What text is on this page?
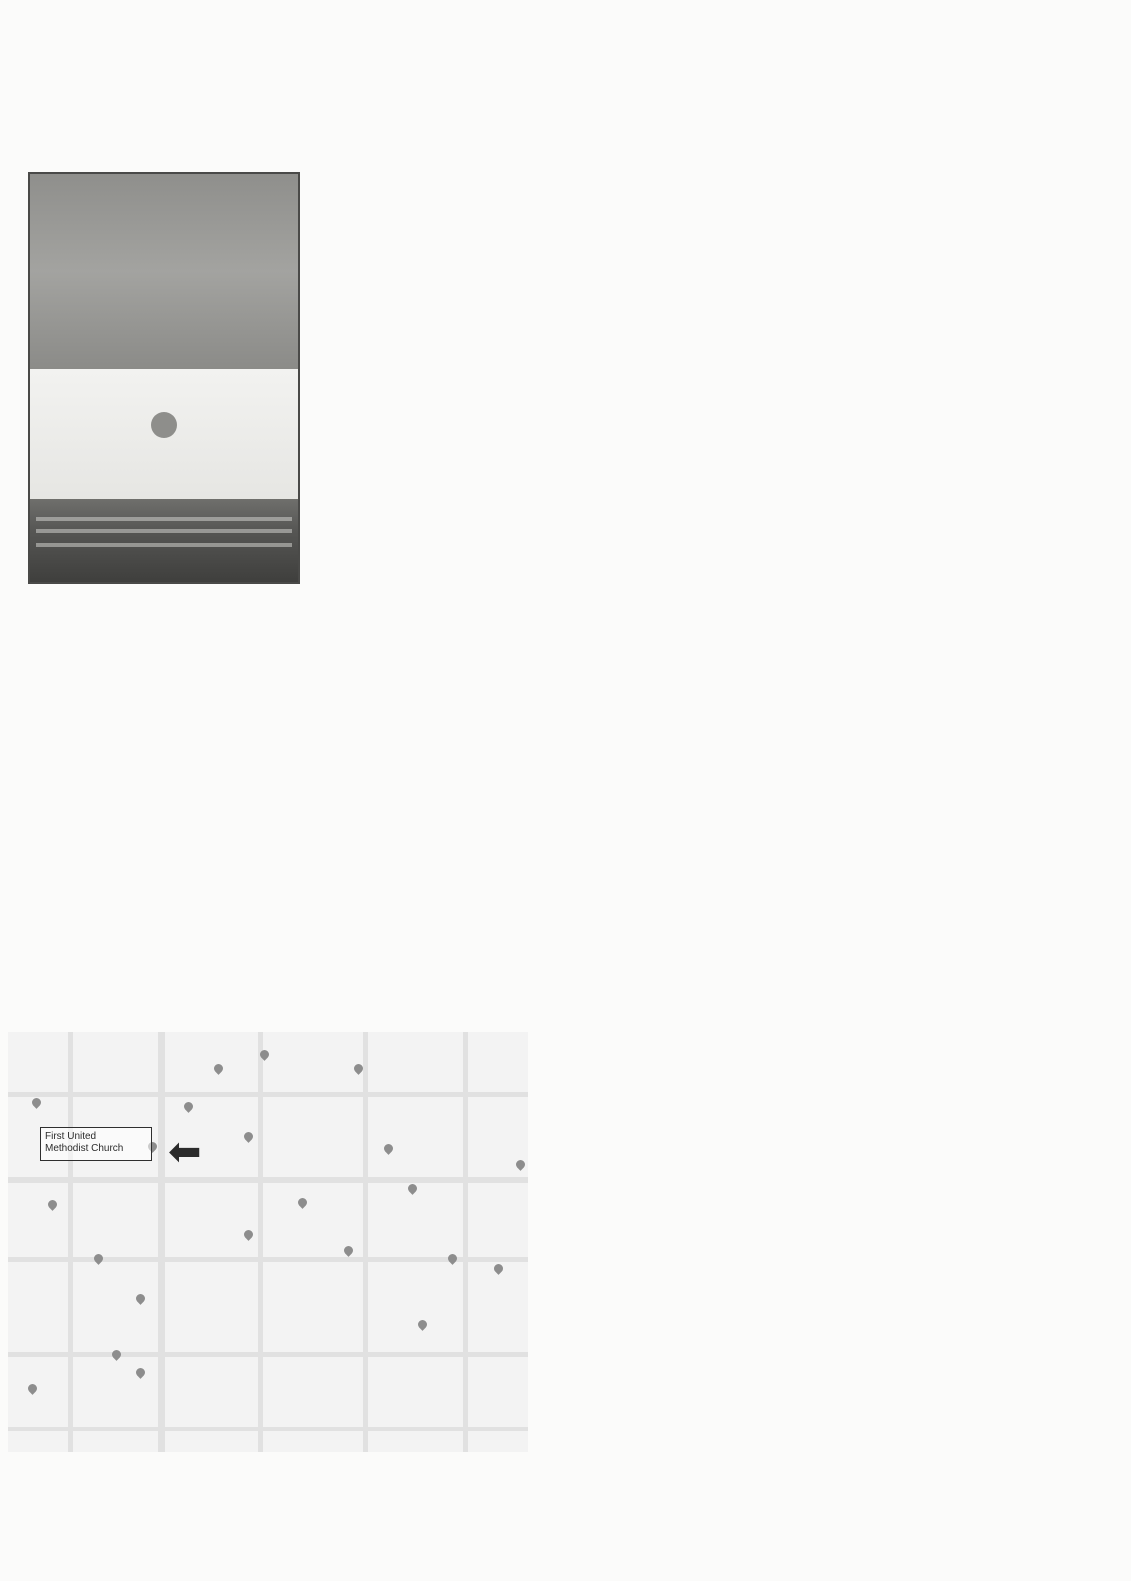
First United
Methodist Church	⬅
